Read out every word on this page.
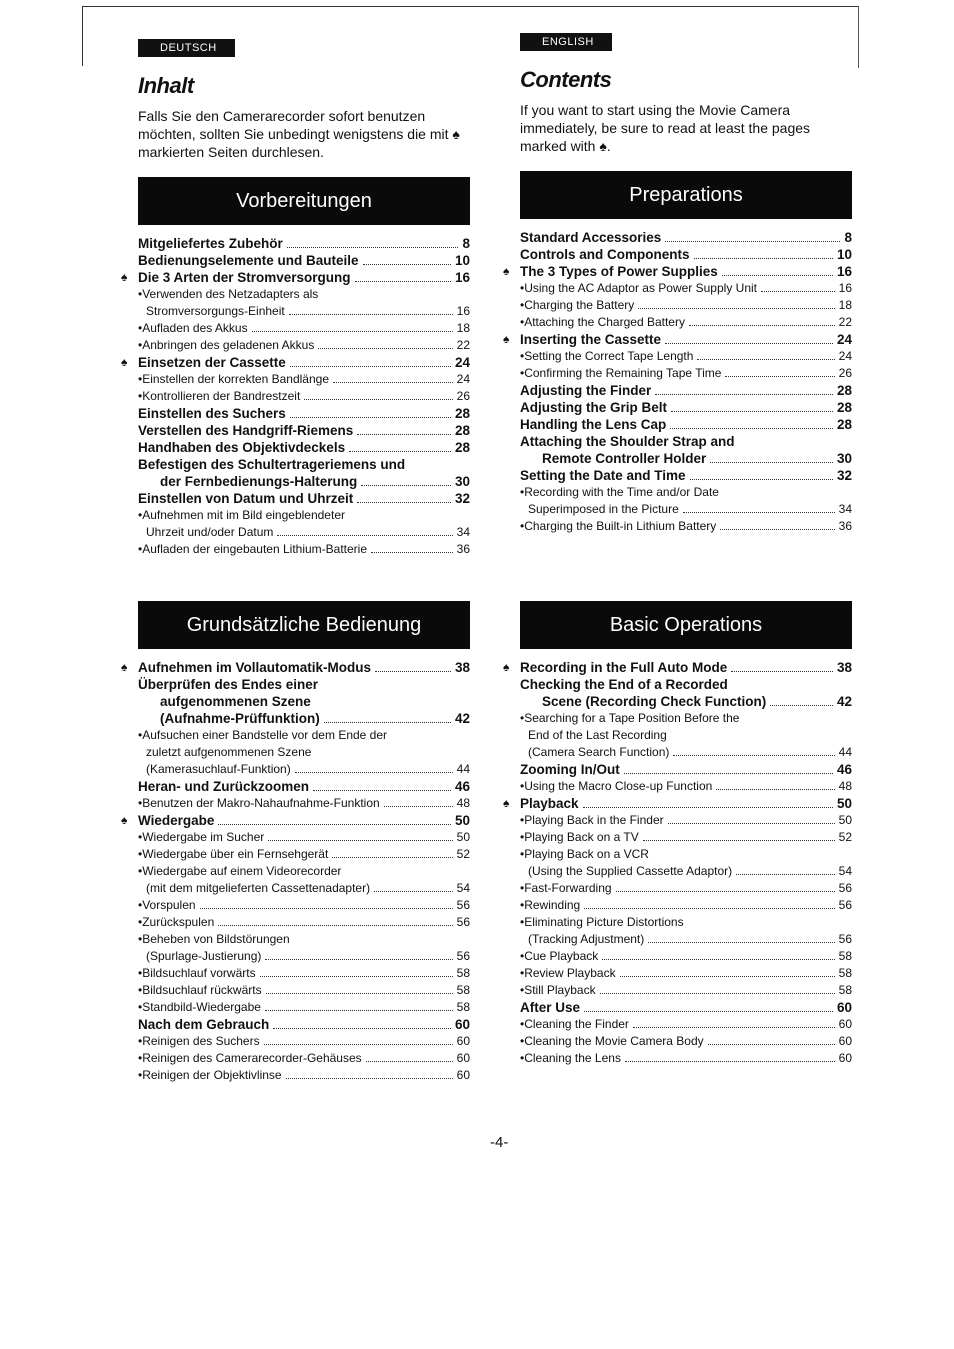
DEUTSCH
Inhalt

Falls Sie den Camerarecorder sofort benutzen möchten, sollten Sie unbedingt wenigstens die mit ♠ markierten Seiten durchlesen.

Vorbereitungen
Mitgeliefertes Zubehör	8
Bedienungselemente und Bauteile	10
♠ Die 3 Arten der Stromversorgung	16
•Verwenden des Netzadapters als
Stromversorgungs-Einheit	16
•Aufladen des Akkus	18
•Anbringen des geladenen Akkus	22
♠ Einsetzen der Cassette	24
•Einstellen der korrekten Bandlänge	24
•Kontrollieren der Bandrestzeit	26
Einstellen des Suchers	28
Verstellen des Handgriff-Riemens	28
Handhaben des Objektivdeckels	28
Befestigen des Schultertrageriemens und
der Fernbedienungs-Halterung	30
Einstellen von Datum und Uhrzeit	32
•Aufnehmen mit im Bild eingeblendeter
Uhrzeit und/oder Datum	34
•Aufladen der eingebauten Lithium-Batterie	36
Grundsätzliche Bedienung
♠ Aufnehmen im Vollautomatik-Modus	38
Überprüfen des Endes einer
aufgenommenen Szene
(Aufnahme-Prüffunktion)	42
•Aufsuchen einer Bandstelle vor dem Ende der
zuletzt aufgenommenen Szene
(Kamerasuchlauf-Funktion)	44
Heran- und Zurückzoomen	46
•Benutzen der Makro-Nahaufnahme-Funktion	48
♠ Wiedergabe	50
•Wiedergabe im Sucher	50
•Wiedergabe über ein Fernsehgerät	52
•Wiedergabe auf einem Videorecorder
(mit dem mitgelieferten Cassettenadapter)	54
•Vorspulen	56
•Zurückspulen	56
•Beheben von Bildstörungen
(Spurlage-Justierung)	56
•Bildsuchlauf vorwärts	58
•Bildsuchlauf rückwärts	58
•Standbild-Wiedergabe	58
Nach dem Gebrauch	60
•Reinigen des Suchers	60
•Reinigen des Camerarecorder-Gehäuses	60
•Reinigen der Objektivlinse	60
ENGLISH
Contents

If you want to start using the Movie Camera immediately, be sure to read at least the pages marked with ♠.

Preparations
Standard Accessories	8
Controls and Components	10
♠ The 3 Types of Power Supplies	16
•Using the AC Adaptor as Power Supply Unit	16
•Charging the Battery	18
•Attaching the Charged Battery	22
♠ Inserting the Cassette	24
•Setting the Correct Tape Length	24
•Confirming the Remaining Tape Time	26
Adjusting the Finder	28
Adjusting the Grip Belt	28
Handling the Lens Cap	28
Attaching the Shoulder Strap and
Remote Controller Holder	30
Setting the Date and Time	32
•Recording with the Time and/or Date
Superimposed in the Picture	34
•Charging the Built-in Lithium Battery	36
Basic Operations
♠ Recording in the Full Auto Mode	38
Checking the End of a Recorded
Scene (Recording Check Function)	42
•Searching for a Tape Position Before the
End of the Last Recording
(Camera Search Function)	44
Zooming In/Out	46
•Using the Macro Close-up Function	48
♠ Playback	50
•Playing Back in the Finder	50
•Playing Back on a TV	52
•Playing Back on a VCR
(Using the Supplied Cassette Adaptor)	54
•Fast-Forwarding	56
•Rewinding	56
•Eliminating Picture Distortions
(Tracking Adjustment)	56
•Cue Playback	58
•Review Playback	58
•Still Playback	58
After Use	60
•Cleaning the Finder	60
•Cleaning the Movie Camera Body	60
•Cleaning the Lens	60
-4-
